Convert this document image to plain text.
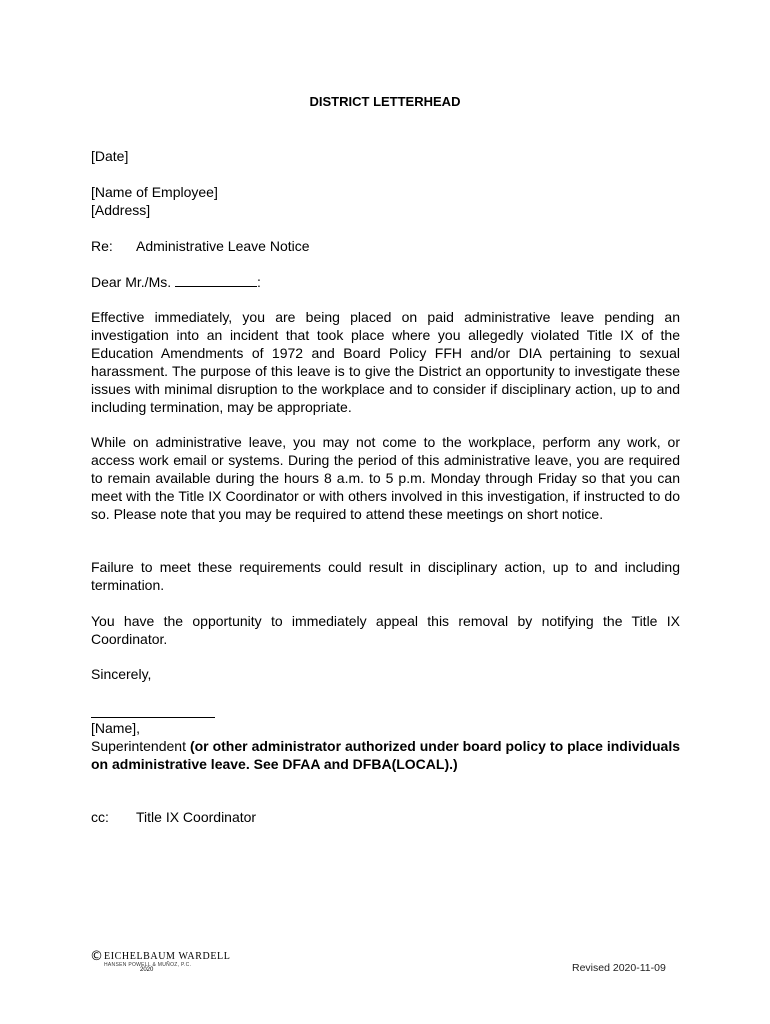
DISTRICT LETTERHEAD
[Date]
[Name of Employee]
[Address]
Re: Administrative Leave Notice
Dear Mr./Ms.	:
Effective immediately, you are being placed on paid administrative leave pending an investigation into an incident that took place where you allegedly violated Title IX of the Education Amendments of 1972 and Board Policy FFH and/or DIA pertaining to sexual harassment. The purpose of this leave is to give the District an opportunity to investigate these issues with minimal disruption to the workplace and to consider if disciplinary action, up to and including termination, may be appropriate.
While on administrative leave, you may not come to the workplace, perform any work, or access work email or systems. During the period of this administrative leave, you are required to remain available during the hours 8 a.m. to 5 p.m. Monday through Friday so that you can meet with the Title IX Coordinator or with others involved in this investigation, if instructed to do so. Please note that you may be required to attend these meetings on short notice.
Failure to meet these requirements could result in disciplinary action, up to and including termination.
You have the opportunity to immediately appeal this removal by notifying the Title IX Coordinator.
Sincerely,
[Name],
Superintendent (or other administrator authorized under board policy to place individuals on administrative leave. See DFAA and DFBA(LOCAL).)
cc: Title IX Coordinator
© EICHELBAUM WARDELL
HANSEN POWELL & MUÑOZ, P.C.
2020	Revised 2020-11-09
